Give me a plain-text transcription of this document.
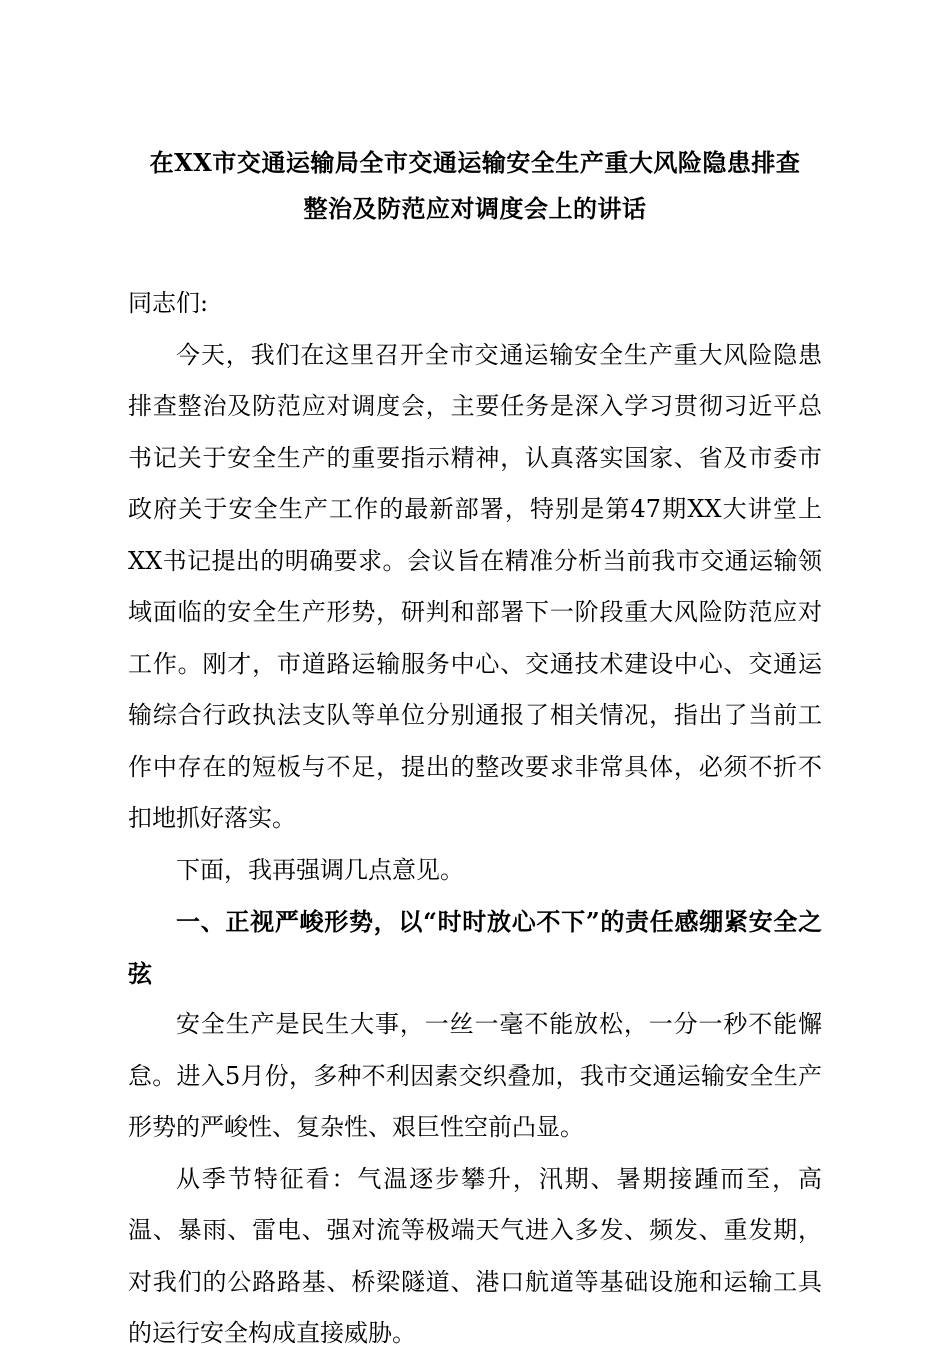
在XX市交通运输局全市交通运输安全生产重大风险隐患排查
整治及防范应对调度会上的讲话

同志们:

今天，我们在这里召开全市交通运输安全生产重大风险隐患排查整治及防范应对调度会，主要任务是深入学习贯彻习近平总书记关于安全生产的重要指示精神，认真落实国家、省及市委市政府关于安全生产工作的最新部署，特别是第47期XX大讲堂上XX书记提出的明确要求。会议旨在精准分析当前我市交通运输领域面临的安全生产形势，研判和部署下一阶段重大风险防范应对工作。刚才，市道路运输服务中心、交通技术建设中心、交通运输综合行政执法支队等单位分别通报了相关情况，指出了当前工作中存在的短板与不足，提出的整改要求非常具体，必须不折不扣地抓好落实。

下面，我再强调几点意见。

一、正视严峻形势，以“时时放心不下”的责任感绷紧安全之弦

安全生产是民生大事，一丝一毫不能放松，一分一秒不能懈怠。进入5月份，多种不利因素交织叠加，我市交通运输安全生产形势的严峻性、复杂性、艰巨性空前凸显。

从季节特征看：气温逐步攀升，汛期、暑期接踵而至，高温、暴雨、雷电、强对流等极端天气进入多发、频发、重发期，对我们的公路路基、桥梁隧道、港口航道等基础设施和运输工具的运行安全构成直接威胁。
